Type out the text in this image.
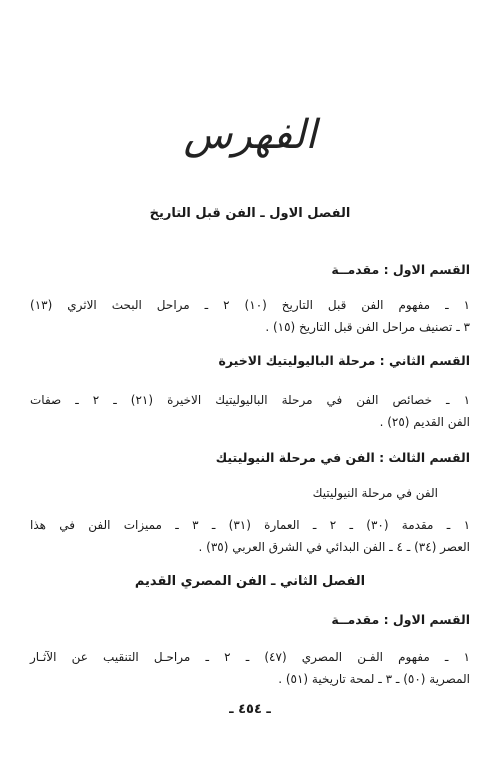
الفهرس
الفصل الاول ـ الفن قبل التاريخ
القسم الاول : مقدمــة
١ ـ مفهوم الفن قبل التاريخ (١٠) ٢ ـ مراحل البحث الاثري (١٣)
٣ ـ تصنيف مراحل الفن قبل التاريخ (١٥) .
القسم الثاني : مرحلة الباليوليتيك الاخيرة
١ ـ خصائص الفن في مرحلة الباليوليتيك الاخيرة (٢١) ـ ٢ ـ صفات
الفن القديم (٢٥) .
القسم الثالث : الفن في مرحلة النيوليتيك
الفن في مرحلة النيوليتيك
١ ـ مقدمة (٣٠) ـ ٢ ـ العمارة (٣١) ـ ٣ ـ مميزات الفن في هذا
العصر (٣٤) ـ ٤ ـ الفن البدائي في الشرق العربي (٣٥) .
الفصل الثاني ـ الفن المصري القديم
القسم الاول : مقدمــة
١ ـ مفهوم الفـن المصري (٤٧) ـ ٢ ـ مراحـل التنقيب عن الآثـار
المصرية (٥٠) ـ ٣ ـ لمحة تاريخية (٥١) .
ـ ٤٥٤ ـ
